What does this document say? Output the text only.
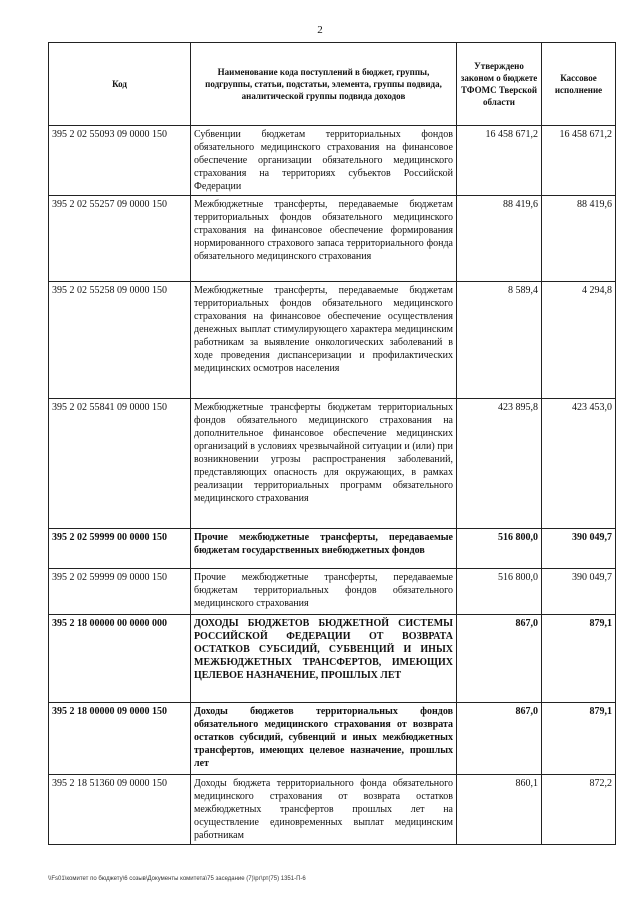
2
Код	Наименование кода поступлений в бюджет, группы, подгруппы, статьи, подстатьи, элемента, группы подвида, аналитической группы подвида доходов	Утверждено законом о бюджете ТФОМС Тверской области	Кассовое исполнение
395 2 02 55093 09 0000 150	Субвенции бюджетам территориальных фондов обязательного медицинского страхования на финансовое обеспечение организации обязательного медицинского страхования на территориях субъектов Российской Федерации	16 458 671,2	16 458 671,2
395 2 02 55257 09 0000 150	Межбюджетные трансферты, передаваемые бюджетам территориальных фондов обязательного медицинского страхования на финансовое обеспечение формирования нормированного страхового запаса территориального фонда обязательного медицинского страхования	88 419,6	88 419,6
395 2 02 55258 09 0000 150	Межбюджетные трансферты, передаваемые бюджетам территориальных фондов обязательного медицинского страхования на финансовое обеспечение осуществления денежных выплат стимулирующего характера медицинским работникам за выявление онкологических заболеваний в ходе проведения диспансеризации и профилактических медицинских осмотров населения	8 589,4	4 294,8
395 2 02 55841 09 0000 150	Межбюджетные трансферты бюджетам территориальных фондов обязательного медицинского страхования на дополнительное финансовое обеспечение медицинских организаций в условиях чрезвычайной ситуации и (или) при возникновении угрозы распространения заболеваний, представляющих опасность для окружающих, в рамках реализации территориальных программ обязательного медицинского страхования	423 895,8	423 453,0
395 2 02 59999 00 0000 150	Прочие межбюджетные трансферты, передаваемые бюджетам государственных внебюджетных фондов	516 800,0	390 049,7
395 2 02 59999 09 0000 150	Прочие межбюджетные трансферты, передаваемые бюджетам территориальных фондов обязательного медицинского страхования	516 800,0	390 049,7
395 2 18 00000 00 0000 000	ДОХОДЫ БЮДЖЕТОВ БЮДЖЕТНОЙ СИСТЕМЫ РОССИЙСКОЙ ФЕДЕРАЦИИ ОТ ВОЗВРАТА ОСТАТКОВ СУБСИДИЙ, СУБВЕНЦИЙ И ИНЫХ МЕЖБЮДЖЕТНЫХ ТРАНСФЕРТОВ, ИМЕЮЩИХ ЦЕЛЕВОЕ НАЗНАЧЕНИЕ, ПРОШЛЫХ ЛЕТ	867,0	879,1
395 2 18 00000 09 0000 150	Доходы бюджетов территориальных фондов обязательного медицинского страхования от возврата остатков субсидий, субвенций и иных межбюджетных трансфертов, имеющих целевое назначение, прошлых лет	867,0	879,1
395 2 18 51360 09 0000 150	Доходы бюджета территориального фонда обязательного медицинского страхования от возврата остатков межбюджетных трансфертов прошлых лет на осуществление единовременных выплат медицинским работникам	860,1	872,2
\\Fs01\комитет по бюджету\6 созыв\Документы комитета\75 заседание (7)\рг\рт(75) 1351-П-6
